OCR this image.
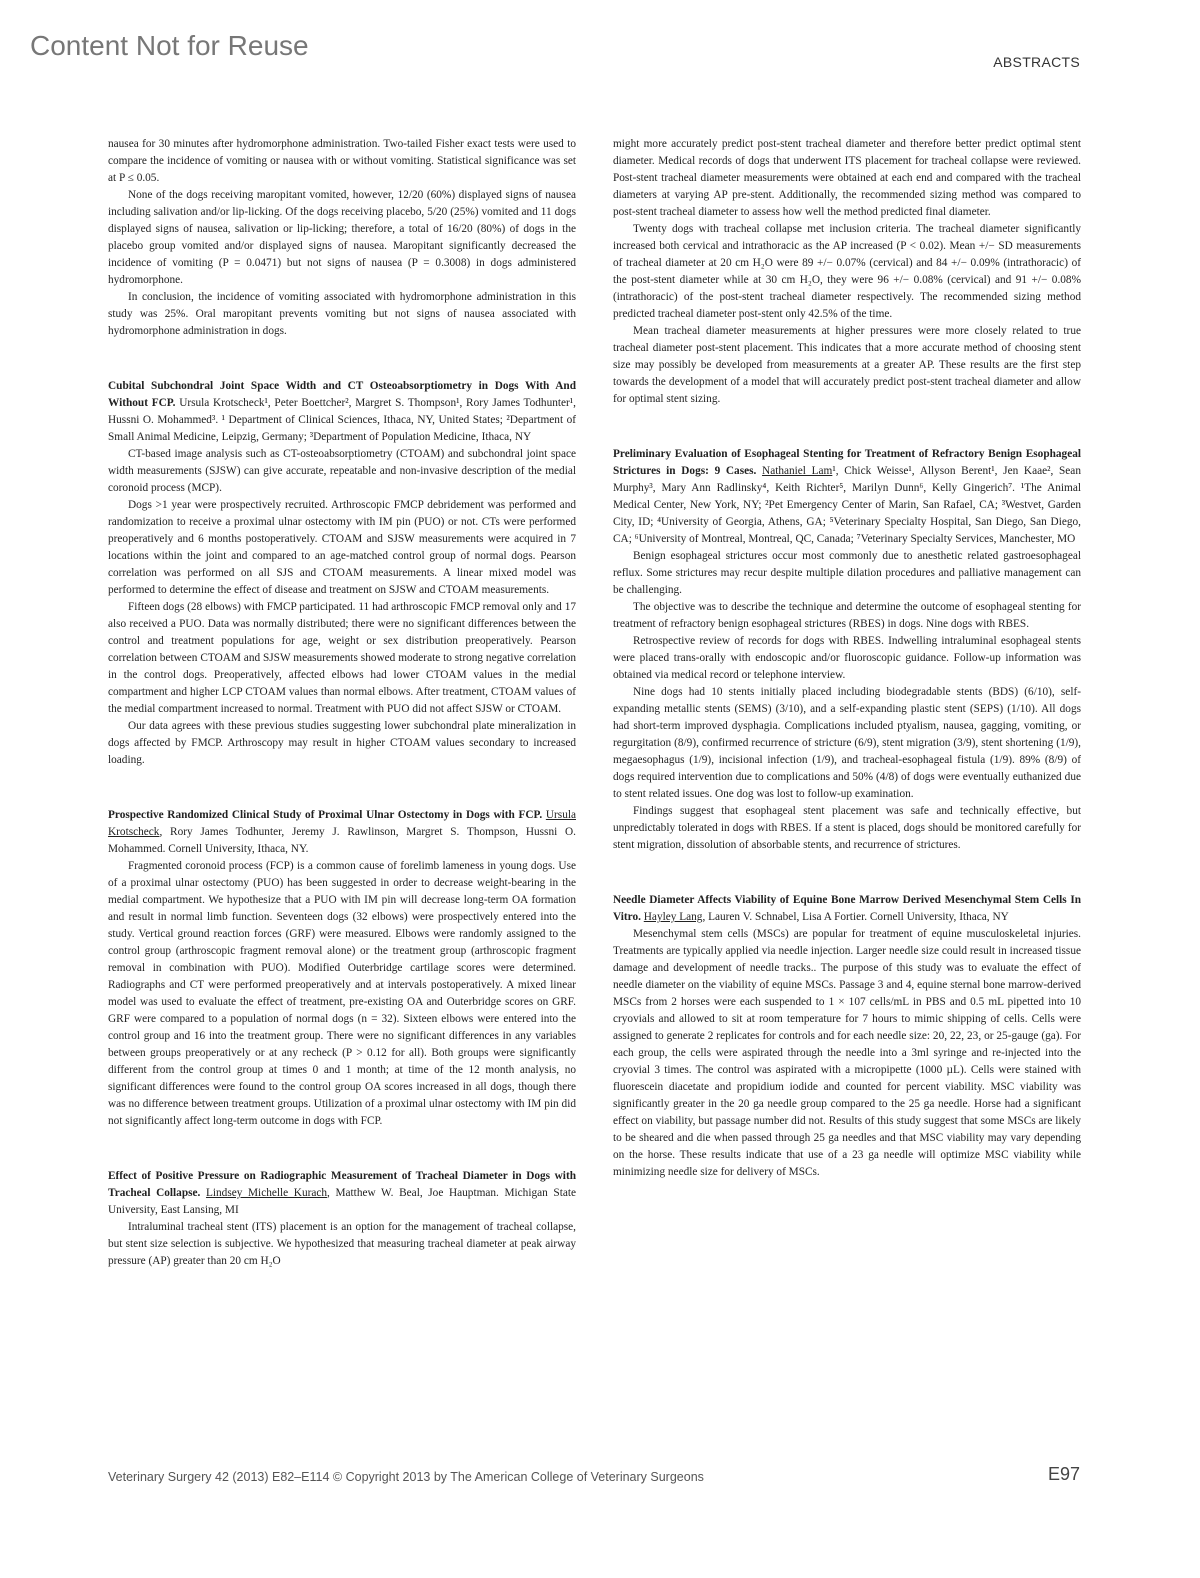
Content Not for Reuse
ABSTRACTS

nausea for 30 minutes after hydromorphone administration. Two-tailed Fisher exact tests were used to compare the incidence of vomiting or nausea with or without vomiting. Statistical significance was set at P ≤ 0.05.

None of the dogs receiving maropitant vomited, however, 12/20 (60%) displayed signs of nausea including salivation and/or lip-licking. Of the dogs receiving placebo, 5/20 (25%) vomited and 11 dogs displayed signs of nausea, salivation or lip-licking; therefore, a total of 16/20 (80%) of dogs in the placebo group vomited and/or displayed signs of nausea. Maropitant significantly decreased the incidence of vomiting (P = 0.0471) but not signs of nausea (P = 0.3008) in dogs administered hydromorphone.

In conclusion, the incidence of vomiting associated with hydromorphone administration in this study was 25%. Oral maropitant prevents vomiting but not signs of nausea associated with hydromorphone administration in dogs.

Cubital Subchondral Joint Space Width and CT Osteoabsorptiometry in Dogs With And Without FCP. Ursula Krotscheck¹, Peter Boettcher², Margret S. Thompson¹, Rory James Todhunter¹, Hussni O. Mohammed³. ¹ Department of Clinical Sciences, Ithaca, NY, United States; ²Department of Small Animal Medicine, Leipzig, Germany; ³Department of Population Medicine, Ithaca, NY

CT-based image analysis such as CT-osteoabsorptiometry (CTOAM) and subchondral joint space width measurements (SJSW) can give accurate, repeatable and non-invasive description of the medial coronoid process (MCP).

Dogs >1 year were prospectively recruited. Arthroscopic FMCP debridement was performed and randomization to receive a proximal ulnar ostectomy with IM pin (PUO) or not. CTs were performed preoperatively and 6 months postoperatively. CTOAM and SJSW measurements were acquired in 7 locations within the joint and compared to an age-matched control group of normal dogs. Pearson correlation was performed on all SJS and CTOAM measurements. A linear mixed model was performed to determine the effect of disease and treatment on SJSW and CTOAM measurements.

Fifteen dogs (28 elbows) with FMCP participated. 11 had arthroscopic FMCP removal only and 17 also received a PUO. Data was normally distributed; there were no significant differences between the control and treatment populations for age, weight or sex distribution preoperatively. Pearson correlation between CTOAM and SJSW measurements showed moderate to strong negative correlation in the control dogs. Preoperatively, affected elbows had lower CTOAM values in the medial compartment and higher LCP CTOAM values than normal elbows. After treatment, CTOAM values of the medial compartment increased to normal. Treatment with PUO did not affect SJSW or CTOAM.

Our data agrees with these previous studies suggesting lower subchondral plate mineralization in dogs affected by FMCP. Arthroscopy may result in higher CTOAM values secondary to increased loading.

Prospective Randomized Clinical Study of Proximal Ulnar Ostectomy in Dogs with FCP. Ursula Krotscheck, Rory James Todhunter, Jeremy J. Rawlinson, Margret S. Thompson, Hussni O. Mohammed. Cornell University, Ithaca, NY.

Fragmented coronoid process (FCP) is a common cause of forelimb lameness in young dogs. Use of a proximal ulnar ostectomy (PUO) has been suggested in order to decrease weight-bearing in the medial compartment. We hypothesize that a PUO with IM pin will decrease long-term OA formation and result in normal limb function. Seventeen dogs (32 elbows) were prospectively entered into the study. Vertical ground reaction forces (GRF) were measured. Elbows were randomly assigned to the control group (arthroscopic fragment removal alone) or the treatment group (arthroscopic fragment removal in combination with PUO). Modified Outerbridge cartilage scores were determined. Radiographs and CT were performed preoperatively and at intervals postoperatively. A mixed linear model was used to evaluate the effect of treatment, pre-existing OA and Outerbridge scores on GRF. GRF were compared to a population of normal dogs (n = 32). Sixteen elbows were entered into the control group and 16 into the treatment group. There were no significant differences in any variables between groups preoperatively or at any recheck (P > 0.12 for all). Both groups were significantly different from the control group at times 0 and 1 month; at time of the 12 month analysis, no significant differences were found to the control group OA scores increased in all dogs, though there was no difference between treatment groups. Utilization of a proximal ulnar ostectomy with IM pin did not significantly affect long-term outcome in dogs with FCP.

Effect of Positive Pressure on Radiographic Measurement of Tracheal Diameter in Dogs with Tracheal Collapse. Lindsey Michelle Kurach, Matthew W. Beal, Joe Hauptman. Michigan State University, East Lansing, MI

Intraluminal tracheal stent (ITS) placement is an option for the management of tracheal collapse, but stent size selection is subjective. We hypothesized that measuring tracheal diameter at peak airway pressure (AP) greater than 20 cm H₂O

might more accurately predict post-stent tracheal diameter and therefore better predict optimal stent diameter. Medical records of dogs that underwent ITS placement for tracheal collapse were reviewed. Post-stent tracheal diameter measurements were obtained at each end and compared with the tracheal diameters at varying AP pre-stent. Additionally, the recommended sizing method was compared to post-stent tracheal diameter to assess how well the method predicted final diameter.

Twenty dogs with tracheal collapse met inclusion criteria. The tracheal diameter significantly increased both cervical and intrathoracic as the AP increased (P < 0.02). Mean +/− SD measurements of tracheal diameter at 20 cm H₂O were 89 +/− 0.07% (cervical) and 84 +/− 0.09% (intrathoracic) of the post-stent diameter while at 30 cm H₂O, they were 96 +/− 0.08% (cervical) and 91 +/− 0.08% (intrathoracic) of the post-stent tracheal diameter respectively. The recommended sizing method predicted tracheal diameter post-stent only 42.5% of the time.

Mean tracheal diameter measurements at higher pressures were more closely related to true tracheal diameter post-stent placement. This indicates that a more accurate method of choosing stent size may possibly be developed from measurements at a greater AP. These results are the first step towards the development of a model that will accurately predict post-stent tracheal diameter and allow for optimal stent sizing.

Preliminary Evaluation of Esophageal Stenting for Treatment of Refractory Benign Esophageal Strictures in Dogs: 9 Cases. Nathaniel Lam¹, Chick Weisse¹, Allyson Berent¹, Jen Kaae², Sean Murphy³, Mary Ann Radlinsky⁴, Keith Richter⁵, Marilyn Dunn⁶, Kelly Gingerich⁷. ¹The Animal Medical Center, New York, NY; ²Pet Emergency Center of Marin, San Rafael, CA; ³Westvet, Garden City, ID; ⁴University of Georgia, Athens, GA; ⁵Veterinary Specialty Hospital, San Diego, San Diego, CA; ⁶University of Montreal, Montreal, QC, Canada; ⁷Veterinary Specialty Services, Manchester, MO

Benign esophageal strictures occur most commonly due to anesthetic related gastroesophageal reflux. Some strictures may recur despite multiple dilation procedures and palliative management can be challenging.

The objective was to describe the technique and determine the outcome of esophageal stenting for treatment of refractory benign esophageal strictures (RBES) in dogs. Nine dogs with RBES.

Retrospective review of records for dogs with RBES. Indwelling intraluminal esophageal stents were placed trans-orally with endoscopic and/or fluoroscopic guidance. Follow-up information was obtained via medical record or telephone interview.

Nine dogs had 10 stents initially placed including biodegradable stents (BDS) (6/10), self-expanding metallic stents (SEMS) (3/10), and a self-expanding plastic stent (SEPS) (1/10). All dogs had short-term improved dysphagia. Complications included ptyalism, nausea, gagging, vomiting, or regurgitation (8/9), confirmed recurrence of stricture (6/9), stent migration (3/9), stent shortening (1/9), megaesophagus (1/9), incisional infection (1/9), and tracheal-esophageal fistula (1/9). 89% (8/9) of dogs required intervention due to complications and 50% (4/8) of dogs were eventually euthanized due to stent related issues. One dog was lost to follow-up examination.

Findings suggest that esophageal stent placement was safe and technically effective, but unpredictably tolerated in dogs with RBES. If a stent is placed, dogs should be monitored carefully for stent migration, dissolution of absorbable stents, and recurrence of strictures.

Needle Diameter Affects Viability of Equine Bone Marrow Derived Mesenchymal Stem Cells In Vitro. Hayley Lang, Lauren V. Schnabel, Lisa A Fortier. Cornell University, Ithaca, NY

Mesenchymal stem cells (MSCs) are popular for treatment of equine musculoskeletal injuries. Treatments are typically applied via needle injection. Larger needle size could result in increased tissue damage and development of needle tracks.. The purpose of this study was to evaluate the effect of needle diameter on the viability of equine MSCs. Passage 3 and 4, equine sternal bone marrow-derived MSCs from 2 horses were each suspended to 1 × 107 cells/mL in PBS and 0.5 mL pipetted into 10 cryovials and allowed to sit at room temperature for 7 hours to mimic shipping of cells. Cells were assigned to generate 2 replicates for controls and for each needle size: 20, 22, 23, or 25-gauge (ga). For each group, the cells were aspirated through the needle into a 3ml syringe and re-injected into the cryovial 3 times. The control was aspirated with a micropipette (1000 µL). Cells were stained with fluorescein diacetate and propidium iodide and counted for percent viability. MSC viability was significantly greater in the 20 ga needle group compared to the 25 ga needle. Horse had a significant effect on viability, but passage number did not. Results of this study suggest that some MSCs are likely to be sheared and die when passed through 25 ga needles and that MSC viability may vary depending on the horse. These results indicate that use of a 23 ga needle will optimize MSC viability while minimizing needle size for delivery of MSCs.

Veterinary Surgery 42 (2013) E82–E114 © Copyright 2013 by The American College of Veterinary Surgeons	E97
